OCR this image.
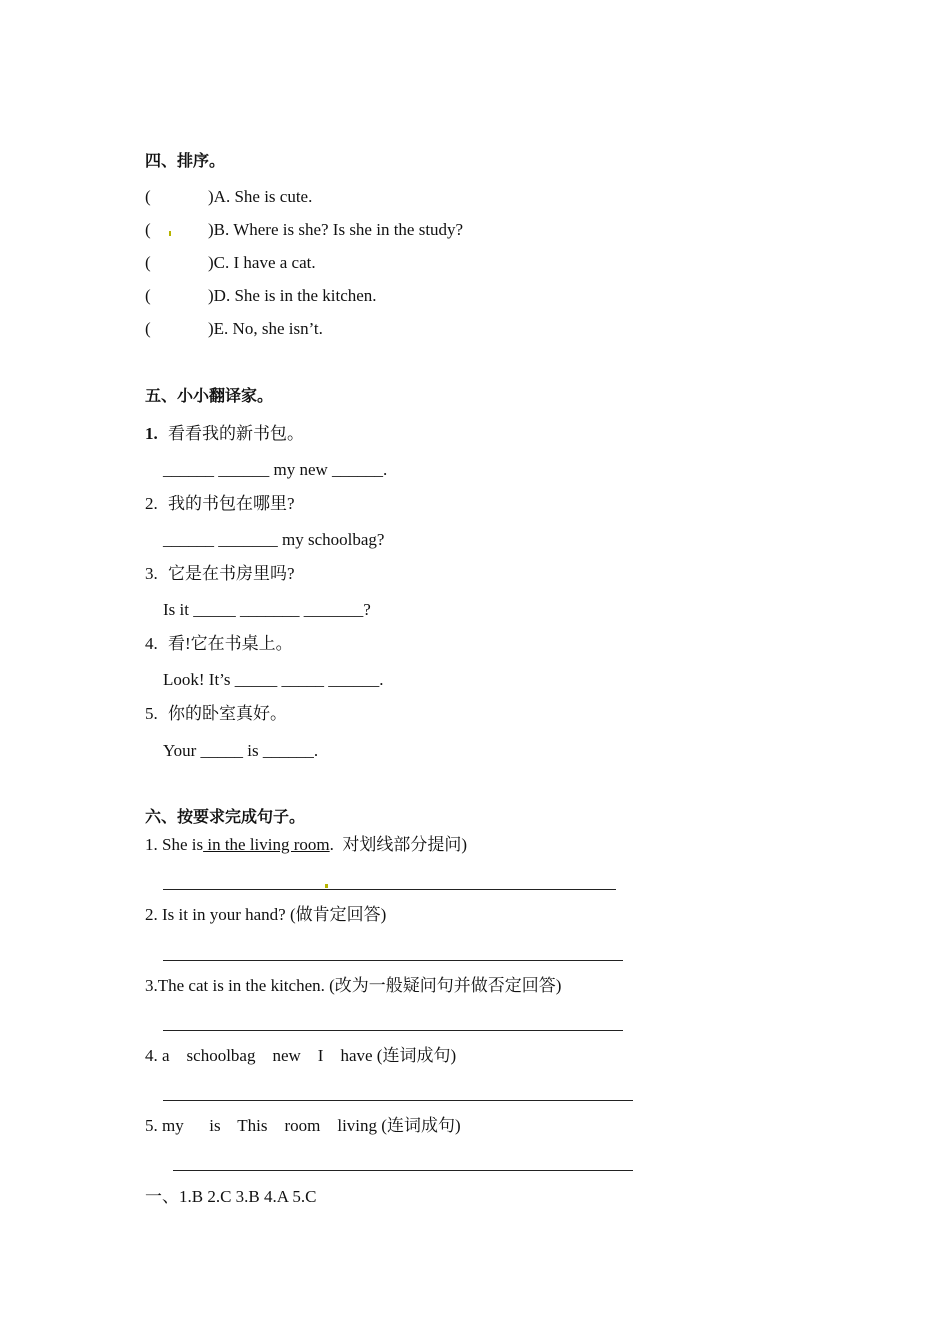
四、排序。
(	)A. She is cute.
(	)B. Where is she? Is she in the study?
(	)C. I have a cat.
(	)D. She is in the kitchen.
(	)E. No, she isn’t.
五、小小翻译家。
1. 看看我的新书包。
______ ______ my new ______.
2. 我的书包在哪里?
______ _______ my schoolbag?
3. 它是在书房里吗?
Is it _____ _______ _______?
4. 看!它在书桌上。
Look! It’s _____ _____ ______.
5. 你的卧室真好。
Your _____ is ______.
六、按要求完成句子。
1. She is in the living room.  对划线部分提问)
2. Is it in your hand? (做肯定回答)
3.The cat is in the kitchen. (改为一般疑问句并做否定回答)
4. a    schoolbag    new    I    have (连词成句)
5. my      is    This    room    living (连词成句)
一、1.B 2.C 3.B 4.A 5.C
